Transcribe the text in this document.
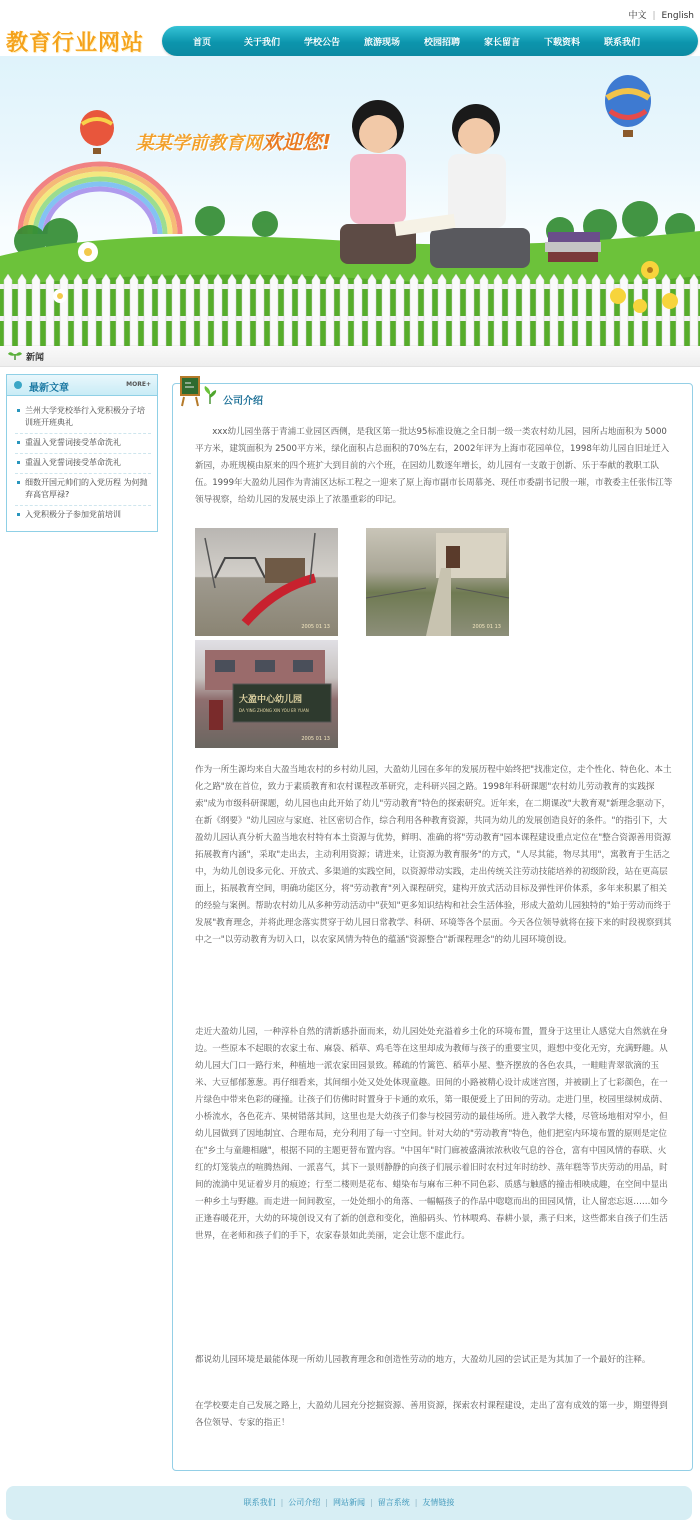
中文 | English
教育行业网站	首页	关于我们	学校公告	旅游现场	校园招聘	家长留言	下载资料	联系我们
某某学前教育网欢迎您!
新闻
最新文章	MORE+
兰州大学党校举行入党积极分子培训班开班典礼
重温入党誓词接受革命洗礼
重温入党誓词接受革命洗礼
细数开国元帅们的入党历程 为何抛弃高官厚禄?
入党积极分子参加党前培训
公司介绍

xxx幼儿园坐落于青浦工业园区西侧，是我区第一批达95标准设施之全日制一级一类农村幼儿园，园所占地面积为 5000平方米，建筑面积为 2500平方米，绿化面积占总面积的70%左右，2002年评为上海市花园单位，1998年幼儿园自旧址迁入新园，办班规模由原来的四个班扩大到目前的六个班，在园幼儿数逐年增长，幼儿园有一支敢于创新、乐于奉献的教职工队伍。1999年大盈幼儿园作为青浦区达标工程之一迎来了原上海市副市长周慕尧、现任市委副书记殷一璀，市教委主任张伟江等领导视察，给幼儿园的发展史添上了浓墨重彩的印记。

2005 01 13	2005 01 13
大盈中心幼儿园
DA YING ZHONG XIN YOU ER YUAN
2005 01 13

作为一所生源均来自大盈当地农村的乡村幼儿园，大盈幼儿园在多年的发展历程中始终把"找准定位，走个性化、特色化、本土化之路"放在首位，致力于素质教育和农村课程改革研究，走科研兴园之路。1998年科研课题"农村幼儿劳动教育的实践探索"成为市级科研课题，幼儿园也由此开始了幼儿"劳动教育"特色的探索研究。近年来，在二期课改"大教育观"新理念驱动下，在新《纲要》"幼儿园应与家庭、社区密切合作，综合利用各种教育资源，共同为幼儿的发展创造良好的条件。"的指引下，大盈幼儿园认真分析大盈当地农村特有本土资源与优势，鲜明、准确的将"劳动教育"园本课程建设重点定位在"整合资源善用资源 拓展教育内涵"，采取"走出去，主动利用资源；请进来，让资源为教育服务"的方式，"人尽其能，物尽其用"，寓教育于生活之中，为幼儿创设多元化、开放式、多渠道的实践空间，以资源带动实践，走出传统关注劳动技能培养的初级阶段，站在更高层面上，拓展教育空间，明确功能区分，将"劳动教育"列入课程研究，建构开放式活动目标及弹性评价体系，多年来积累了相关的经验与案例。帮助农村幼儿从多种劳动活动中"获知"更多知识结构和社会生活体验，形成大盈幼儿园独特的"始于劳动而终于发展"教育理念，并将此理念落实贯穿于幼儿园日常教学、科研、环境等各个层面。今天各位领导就将在接下来的时段视察到其中之一"以劳动教育为切入口，以农家风情为特色的蕴涵"资源整合"新课程理念"的幼儿园环境创设。

走近大盈幼儿园，一种淳朴自然的清新感扑面而来，幼儿园处处充溢着乡土化的环境布置，置身于这里让人感觉大自然就在身边。一些原本不起眼的农家土布、麻袋、稻草、鸡毛等在这里却成为教师与孩子的重要宝贝，遐想中变化无穷，充满野趣。从幼儿园大门口一路行来，种植地一派农家田园景致。稀疏的竹篱笆、稻草小屋、整齐摆放的各色农具，一畦畦青翠欲滴的玉米、大豆郁郁葱葱。再仔细看来，其间细小处又处处体现童趣。田间的小路被精心设计成迷宫图，并被刷上了七彩颜色，在一片绿色中带来色彩的碰撞。让孩子们仿佛时时置身于卡通的欢乐，第一眼便爱上了田间的劳动。走进门里，校园里绿树成荫、小桥流水，各色花卉、果树错落其间，这里也是大幼孩子们参与校园劳动的最佳场所。进入教学大楼，尽管场地相对窄小，但幼儿园做到了因地制宜、合理布局，充分利用了每一寸空间。针对大幼的"劳动教育"特色，他们把室内环境布置的原则是定位在"乡土与童趣相融"，根据不同的主题更替布置内容。"中国年"时门廊被盛满浓浓秋收气息的谷仓，富有中国风情的春联、火红的灯笼装点的喧腾热闹、一派喜气，其下一景则静静的向孩子们展示着旧时农村过年时纺纱、蒸年糕等节庆劳动的用品，时间的流淌中见证着岁月的痕迹；行至二楼则是花布、蜡染布与麻布三种不同色彩、质感与触感的撞击相映成趣，在空间中显出一种乡土与野趣。而走进一间间教室，一处处细小的角落、一幅幅孩子的作品中唿唿而出的田园风情，让人留恋忘返……如今正逢春暖花开，大幼的环境创设又有了新的创意和变化，渔船码头、竹林喂鸡、春耕小景，燕子归来，这些都来自孩子们生活世界，在老师和孩子们的手下，农家春景如此美丽，定会让您不虚此行。

都说幼儿园环境是最能体现一所幼儿园教育理念和创造性劳动的地方，大盈幼儿园的尝试正是为其加了一个最好的注释。

在学校要走自己发展之路上，大盈幼儿园充分挖掘资源、善用资源，探索农村课程建设，走出了富有成效的第一步，期望得到各位领导、专家的指正！

联系我们 | 公司介绍 | 网站新闻 | 留言系统 | 友情链接
